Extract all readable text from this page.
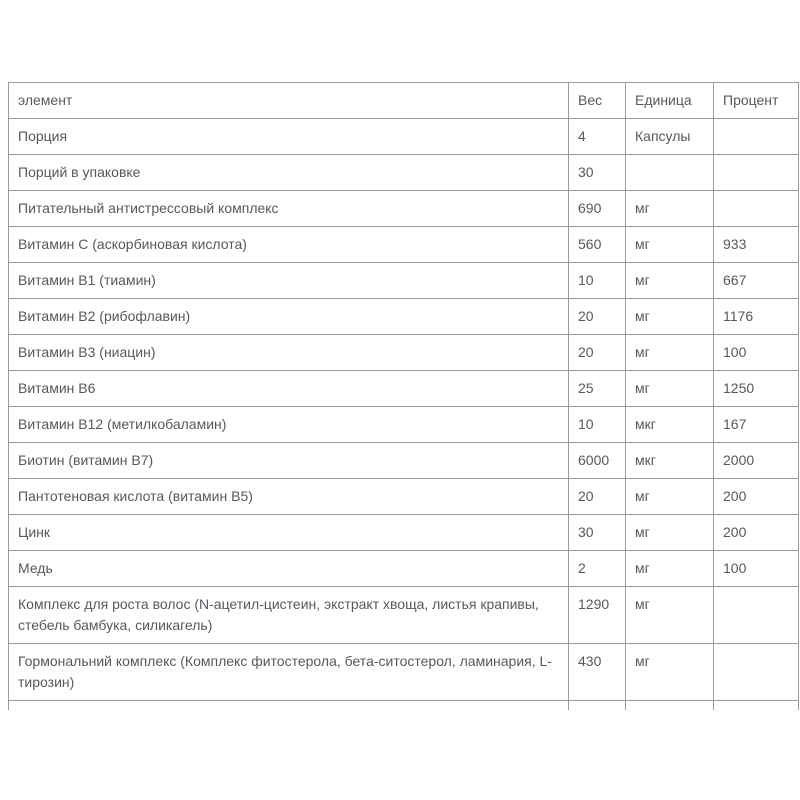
элемент	Вес	Единица	Процент
Порция	4	Капсулы	
Порций в упаковке	30		
Питательный антистрессовый комплекс	690	мг	
Витамин C (аскорбиновая кислота)	560	мг	933
Витамин B1 (тиамин)	10	мг	667
Витамин B2 (рибофлавин)	20	мг	1176
Витамин B3 (ниацин)	20	мг	100
Витамин B6	25	мг	1250
Витамин B12 (метилкобаламин)	10	мкг	167
Биотин (витамин B7)	6000	мкг	2000
Пантотеновая кислота (витамин B5)	20	мг	200
Цинк	30	мг	200
Медь	2	мг	100
Комплекс для роста волос (N-ацетил-цистеин, экстракт хвоща, листья крапивы, стебель бамбука, силикагель)	1290	мг	
Гормональний комплекс (Комплекс фитостерола, бета-ситостерол, ламинария, L-тирозин)	430	мг	
